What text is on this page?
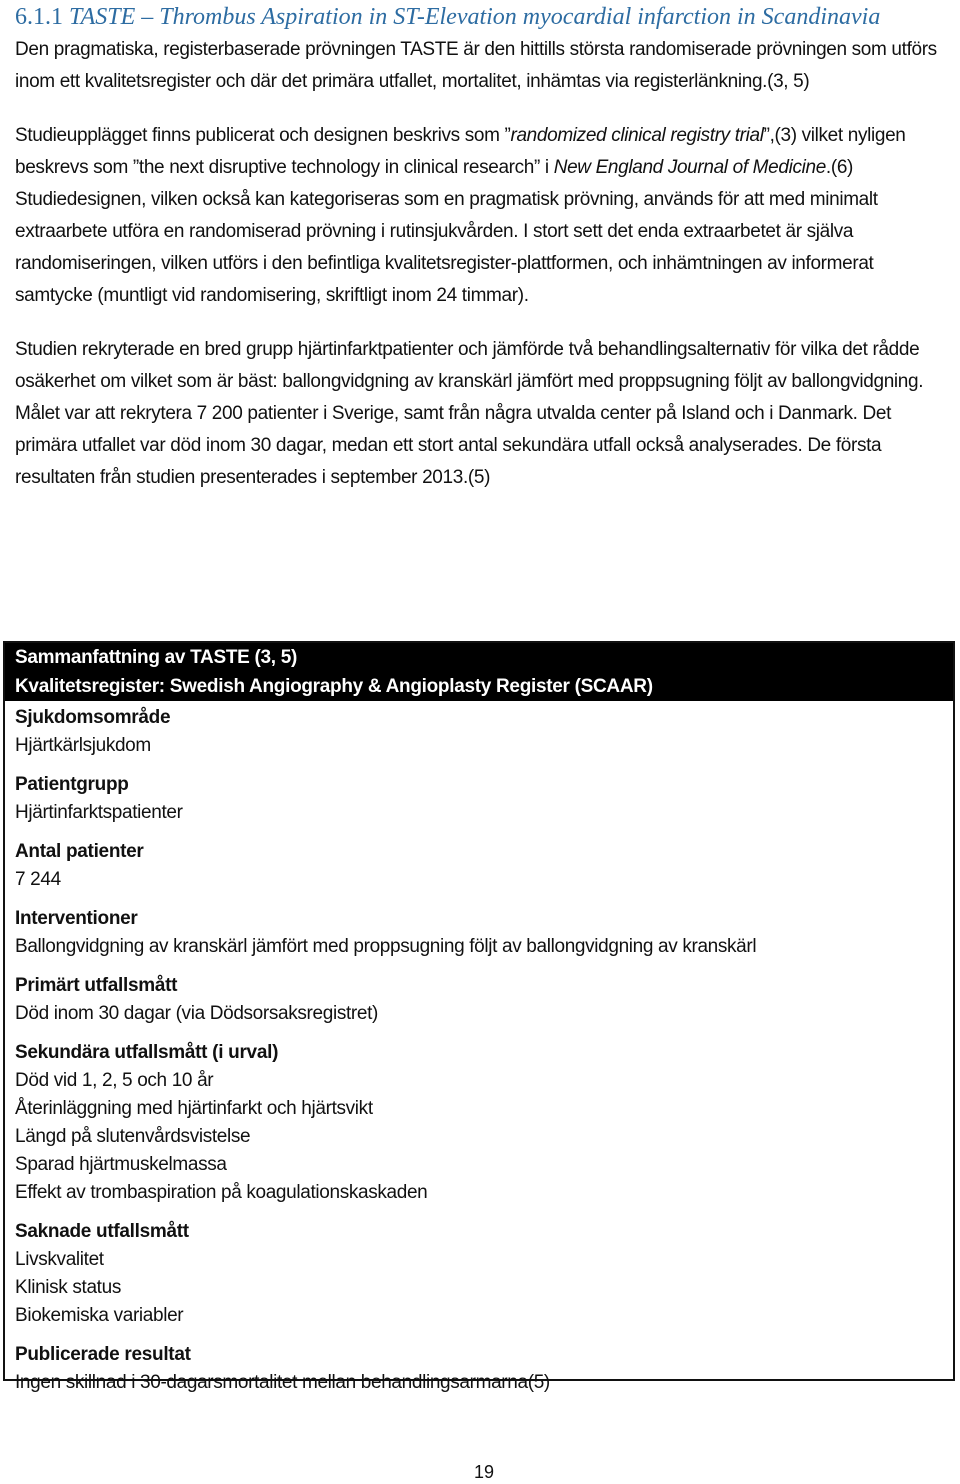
6.1.1 TASTE – Thrombus Aspiration in ST-Elevation myocardial infarction in Scandinavia

Den pragmatiska, registerbaserade prövningen TASTE är den hittills största randomiserade prövningen som utförs inom ett kvalitetsregister och där det primära utfallet, mortalitet, inhämtas via registerlänkning.(3, 5)

Studieupplägget finns publicerat och designen beskrivs som ”randomized clinical registry trial”,(3) vilket nyligen beskrevs som ”the next disruptive technology in clinical research” i New England Journal of Medicine.(6) Studiedesignen, vilken också kan kategoriseras som en pragmatisk prövning, används för att med minimalt extraarbete utföra en randomiserad prövning i rutinsjukvården. I stort sett det enda extraarbetet är själva randomiseringen, vilken utförs i den befintliga kvalitetsregister-plattformen, och inhämtningen av informerat samtycke (muntligt vid randomisering, skriftligt inom 24 timmar).

Studien rekryterade en bred grupp hjärtinfarktpatienter och jämförde två behandlingsalternativ för vilka det rådde osäkerhet om vilket som är bäst: ballongvidgning av kranskärl jämfört med proppsugning följt av ballongvidgning. Målet var att rekrytera 7 200 patienter i Sverige, samt från några utvalda center på Island och i Danmark. Det primära utfallet var död inom 30 dagar, medan ett stort antal sekundära utfall också analyserades. De första resultaten från studien presenterades i september 2013.(5)

Sammanfattning av TASTE (3, 5)
Kvalitetsregister: Swedish Angiography & Angioplasty Register (SCAAR)
Sjukdomsområde
Hjärtkärlsjukdom
Patientgrupp
Hjärtinfarktspatienter
Antal patienter
7 244
Interventioner
Ballongvidgning av kranskärl jämfört med proppsugning följt av ballongvidgning av kranskärl
Primärt utfallsmått
Död inom 30 dagar (via Dödsorsaksregistret)
Sekundära utfallsmått (i urval)
Död vid 1, 2, 5 och 10 år
Återinläggning med hjärtinfarkt och hjärtsvikt
Längd på slutenvårdsvistelse
Sparad hjärtmuskelmassa
Effekt av trombaspiration på koagulationskaskaden
Saknade utfallsmått
Livskvalitet
Klinisk status
Biokemiska variabler
Publicerade resultat
Ingen skillnad i 30-dagarsmortalitet mellan behandlingsarmarna(5)
19
